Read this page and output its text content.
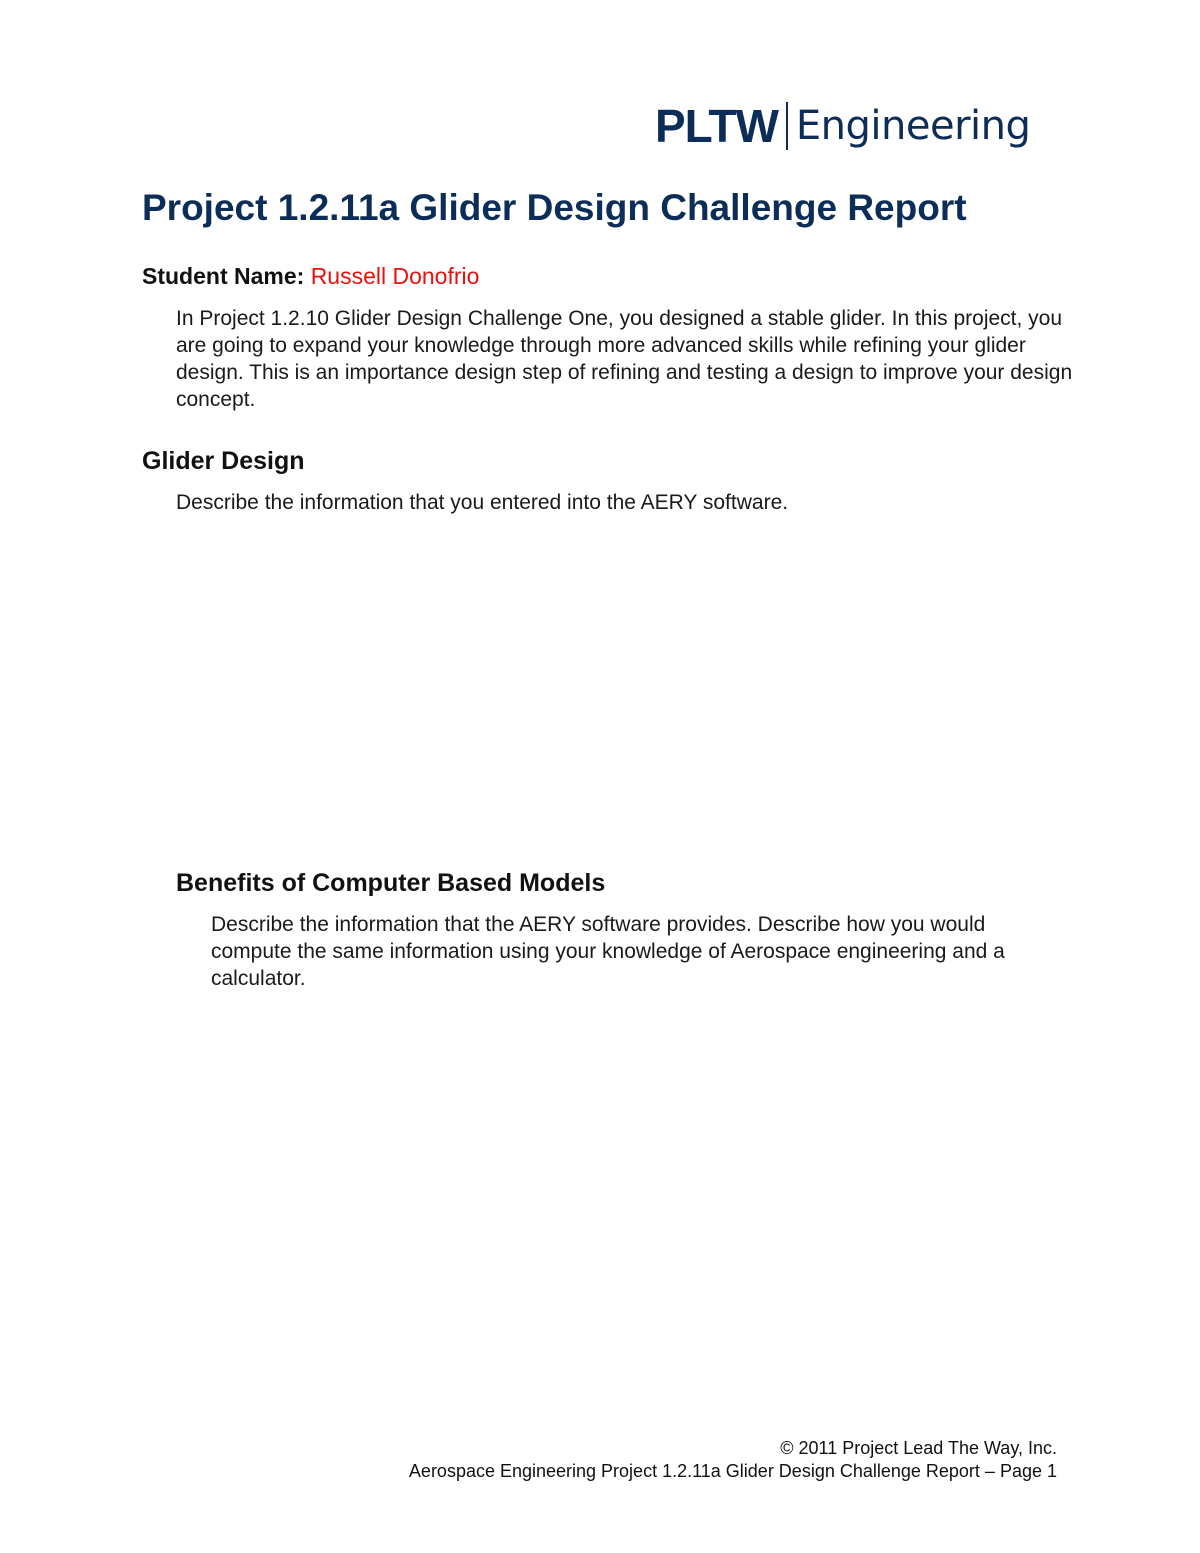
PLTW Engineering
Project 1.2.11a Glider Design Challenge Report
Student Name: Russell Donofrio

In Project 1.2.10 Glider Design Challenge One, you designed a stable glider. In this project, you are going to expand your knowledge through more advanced skills while refining your glider design. This is an importance design step of refining and testing a design to improve your design concept.

Glider Design

Describe the information that you entered into the AERY software.

Benefits of Computer Based Models

Describe the information that the AERY software provides. Describe how you would compute the same information using your knowledge of Aerospace engineering and a calculator.

© 2011 Project Lead The Way, Inc.
Aerospace Engineering Project 1.2.11a Glider Design Challenge Report – Page 1
